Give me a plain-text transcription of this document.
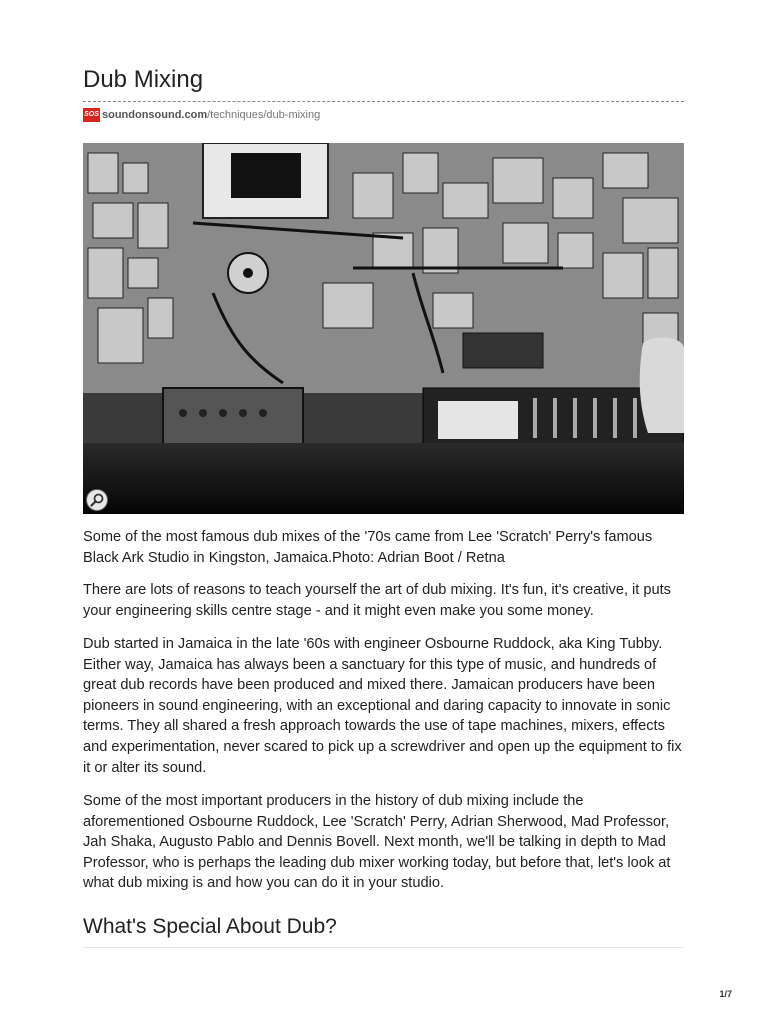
Dub Mixing
SOS soundonsound.com /techniques/dub-mixing

Some of the most famous dub mixes of the '70s came from Lee 'Scratch' Perry's famous Black Ark Studio in Kingston, Jamaica.Photo: Adrian Boot / Retna

There are lots of reasons to teach yourself the art of dub mixing. It's fun, it's creative, it puts your engineering skills centre stage - and it might even make you some money.

Dub started in Jamaica in the late '60s with engineer Osbourne Ruddock, aka King Tubby. Either way, Jamaica has always been a sanctuary for this type of music, and hundreds of great dub records have been produced and mixed there. Jamaican producers have been pioneers in sound engineering, with an exceptional and daring capacity to innovate in sonic terms. They all shared a fresh approach towards the use of tape machines, mixers, effects and experimentation, never scared to pick up a screwdriver and open up the equipment to fix it or alter its sound.

Some of the most important producers in the history of dub mixing include the aforementioned Osbourne Ruddock, Lee 'Scratch' Perry, Adrian Sherwood, Mad Professor, Jah Shaka, Augusto Pablo and Dennis Bovell. Next month, we'll be talking in depth to Mad Professor, who is perhaps the leading dub mixer working today, but before that, let's look at what dub mixing is and how you can do it in your studio.

What's Special About Dub?
1/7
